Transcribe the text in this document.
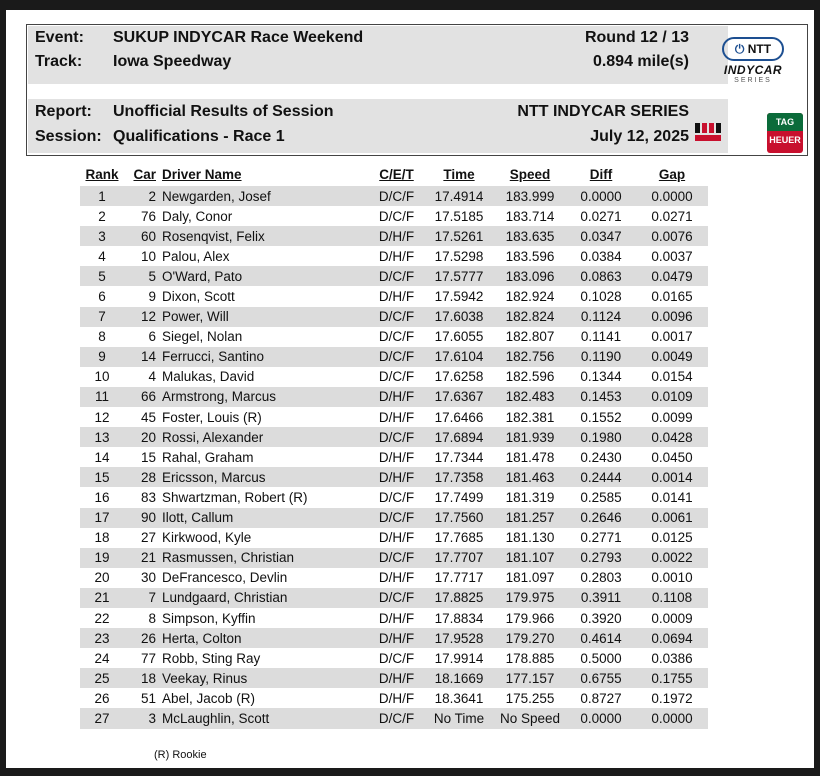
Event: SUKUP INDYCAR Race Weekend
Track: Iowa Speedway
Report: Unofficial Results of Session
Session: Qualifications - Race 1
Round 12 / 13
0.894 mile(s)
NTT INDYCAR SERIES
July 12, 2025
⏻ NTT
INDYCAR
SERIES
TAG
HEUER
Rank	Car	Driver Name	C/E/T	Time	Speed	Diff	Gap
1	2	Newgarden, Josef	D/C/F	17.4914	183.999	0.0000	0.0000
2	76	Daly, Conor	D/C/F	17.5185	183.714	0.0271	0.0271
3	60	Rosenqvist, Felix	D/H/F	17.5261	183.635	0.0347	0.0076
4	10	Palou, Alex	D/H/F	17.5298	183.596	0.0384	0.0037
5	5	O'Ward, Pato	D/C/F	17.5777	183.096	0.0863	0.0479
6	9	Dixon, Scott	D/H/F	17.5942	182.924	0.1028	0.0165
7	12	Power, Will	D/C/F	17.6038	182.824	0.1124	0.0096
8	6	Siegel, Nolan	D/C/F	17.6055	182.807	0.1141	0.0017
9	14	Ferrucci, Santino	D/C/F	17.6104	182.756	0.1190	0.0049
10	4	Malukas, David	D/C/F	17.6258	182.596	0.1344	0.0154
11	66	Armstrong, Marcus	D/H/F	17.6367	182.483	0.1453	0.0109
12	45	Foster, Louis (R)	D/H/F	17.6466	182.381	0.1552	0.0099
13	20	Rossi, Alexander	D/C/F	17.6894	181.939	0.1980	0.0428
14	15	Rahal, Graham	D/H/F	17.7344	181.478	0.2430	0.0450
15	28	Ericsson, Marcus	D/H/F	17.7358	181.463	0.2444	0.0014
16	83	Shwartzman, Robert (R)	D/C/F	17.7499	181.319	0.2585	0.0141
17	90	Ilott, Callum	D/C/F	17.7560	181.257	0.2646	0.0061
18	27	Kirkwood, Kyle	D/H/F	17.7685	181.130	0.2771	0.0125
19	21	Rasmussen, Christian	D/C/F	17.7707	181.107	0.2793	0.0022
20	30	DeFrancesco, Devlin	D/H/F	17.7717	181.097	0.2803	0.0010
21	7	Lundgaard, Christian	D/C/F	17.8825	179.975	0.3911	0.1108
22	8	Simpson, Kyffin	D/H/F	17.8834	179.966	0.3920	0.0009
23	26	Herta, Colton	D/H/F	17.9528	179.270	0.4614	0.0694
24	77	Robb, Sting Ray	D/C/F	17.9914	178.885	0.5000	0.0386
25	18	Veekay, Rinus	D/H/F	18.1669	177.157	0.6755	0.1755
26	51	Abel, Jacob (R)	D/H/F	18.3641	175.255	0.8727	0.1972
27	3	McLaughlin, Scott	D/C/F	No Time	No Speed	0.0000	0.0000
(R) Rookie
